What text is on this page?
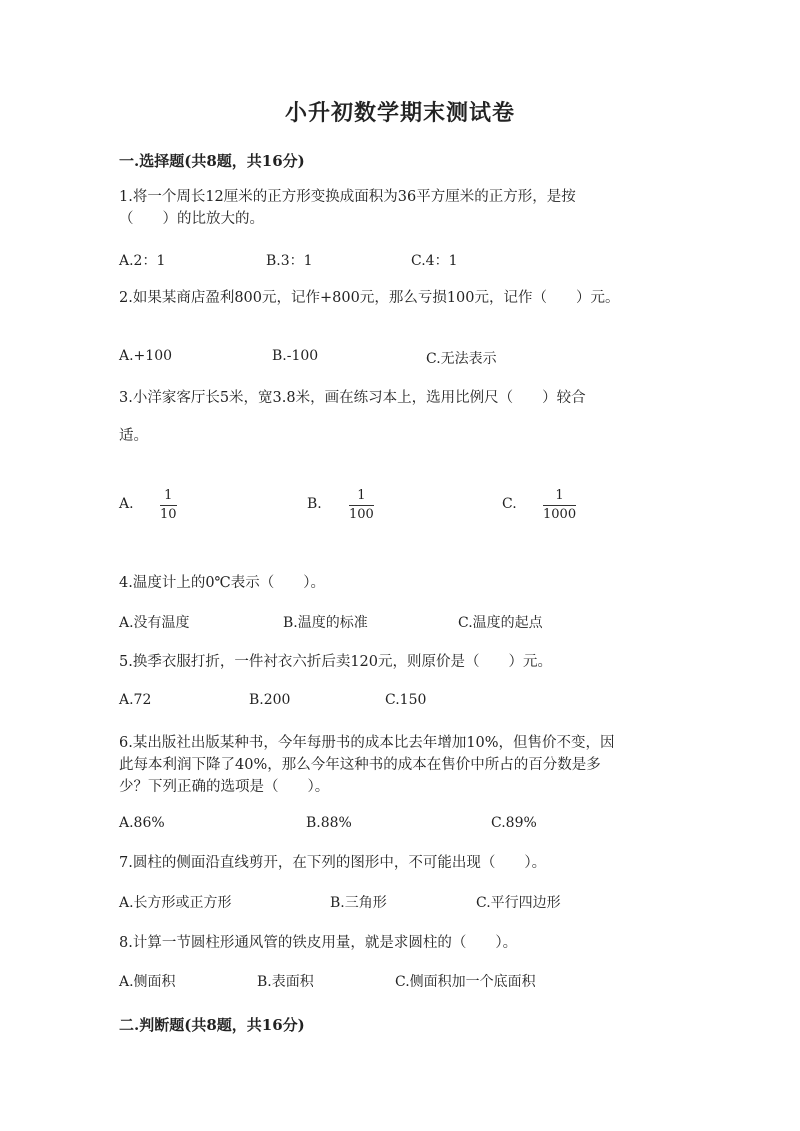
小升初数学期末测试卷
一.选择题(共8题，共16分)
1.将一个周长12厘米的正方形变换成面积为36平方厘米的正方形，是按
（　　）的比放大的。
A.2：1	B.3：1	C.4：1
2.如果某商店盈利800元，记作+800元，那么亏损100元，记作（　　）元。
A.+100	B.-100	C.无法表示
3.小洋家客厅长5米，宽3.8米，画在练习本上，选用比例尺（　　）较合
适。
A.
1
10
B.
1
100
C.
1
1000
4.温度计上的0℃表示（　　）。
A.没有温度	B.温度的标准	C.温度的起点
5.换季衣服打折，一件衬衣六折后卖120元，则原价是（　　）元。
A.72	B.200	C.150
6.某出版社出版某种书，今年每册书的成本比去年增加10%，但售价不变，因
此每本利润下降了40%，那么今年这种书的成本在售价中所占的百分数是多
少？下列正确的选项是（　　）。
A.86%	B.88%	C.89%
7.圆柱的侧面沿直线剪开，在下列的图形中，不可能出现（　　）。
A.长方形或正方形	B.三角形	C.平行四边形
8.计算一节圆柱形通风管的铁皮用量，就是求圆柱的（　　）。
A.侧面积	B.表面积	C.侧面积加一个底面积
二.判断题(共8题，共16分)
